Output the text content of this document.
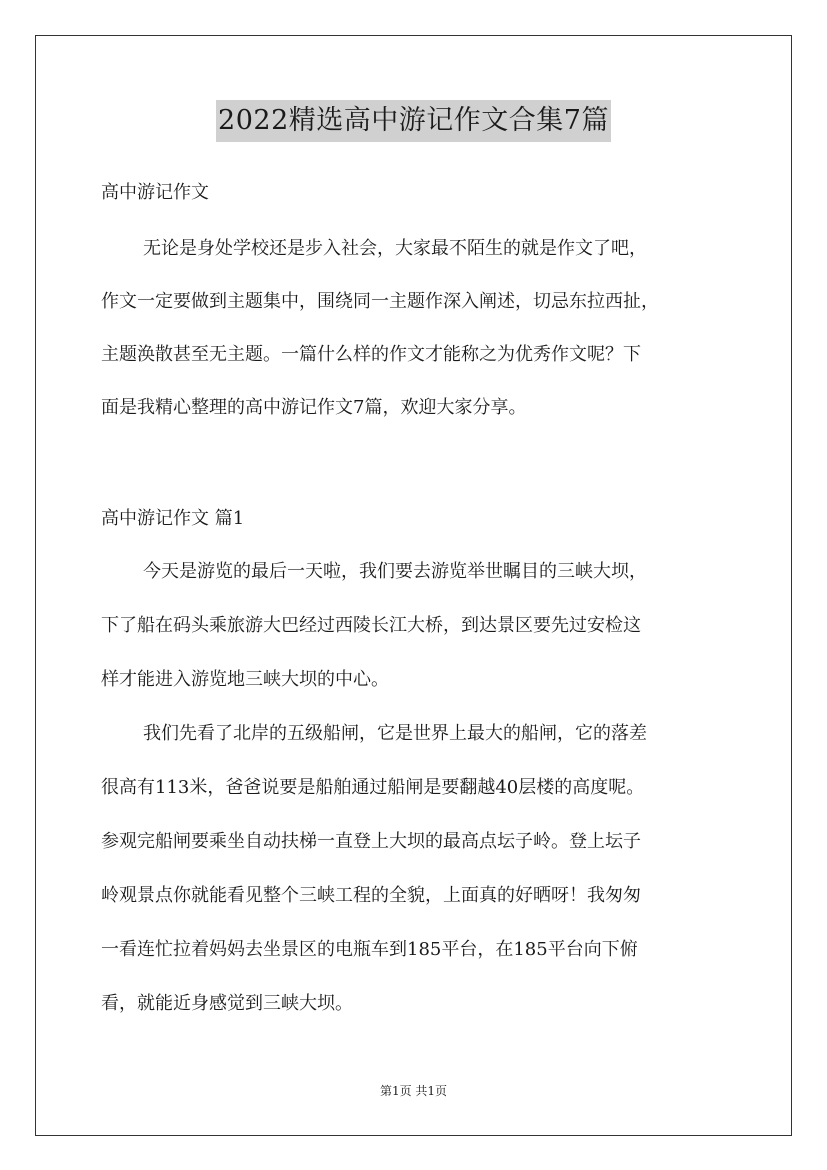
2022精选高中游记作文合集7篇
高中游记作文
无论是身处学校还是步入社会，大家最不陌生的就是作文了吧，
作文一定要做到主题集中，围绕同一主题作深入阐述，切忌东拉西扯，
主题涣散甚至无主题。一篇什么样的作文才能称之为优秀作文呢？下
面是我精心整理的高中游记作文7篇，欢迎大家分享。
高中游记作文 篇1
今天是游览的最后一天啦，我们要去游览举世瞩目的三峡大坝，
下了船在码头乘旅游大巴经过西陵长江大桥，到达景区要先过安检这
样才能进入游览地三峡大坝的中心。
我们先看了北岸的五级船闸，它是世界上最大的船闸，它的落差
很高有113米，爸爸说要是船舶通过船闸是要翻越40层楼的高度呢。
参观完船闸要乘坐自动扶梯一直登上大坝的最高点坛子岭。登上坛子
岭观景点你就能看见整个三峡工程的全貌，上面真的好晒呀！我匆匆
一看连忙拉着妈妈去坐景区的电瓶车到185平台，在185平台向下俯
看，就能近身感觉到三峡大坝。
第1页 共1页
